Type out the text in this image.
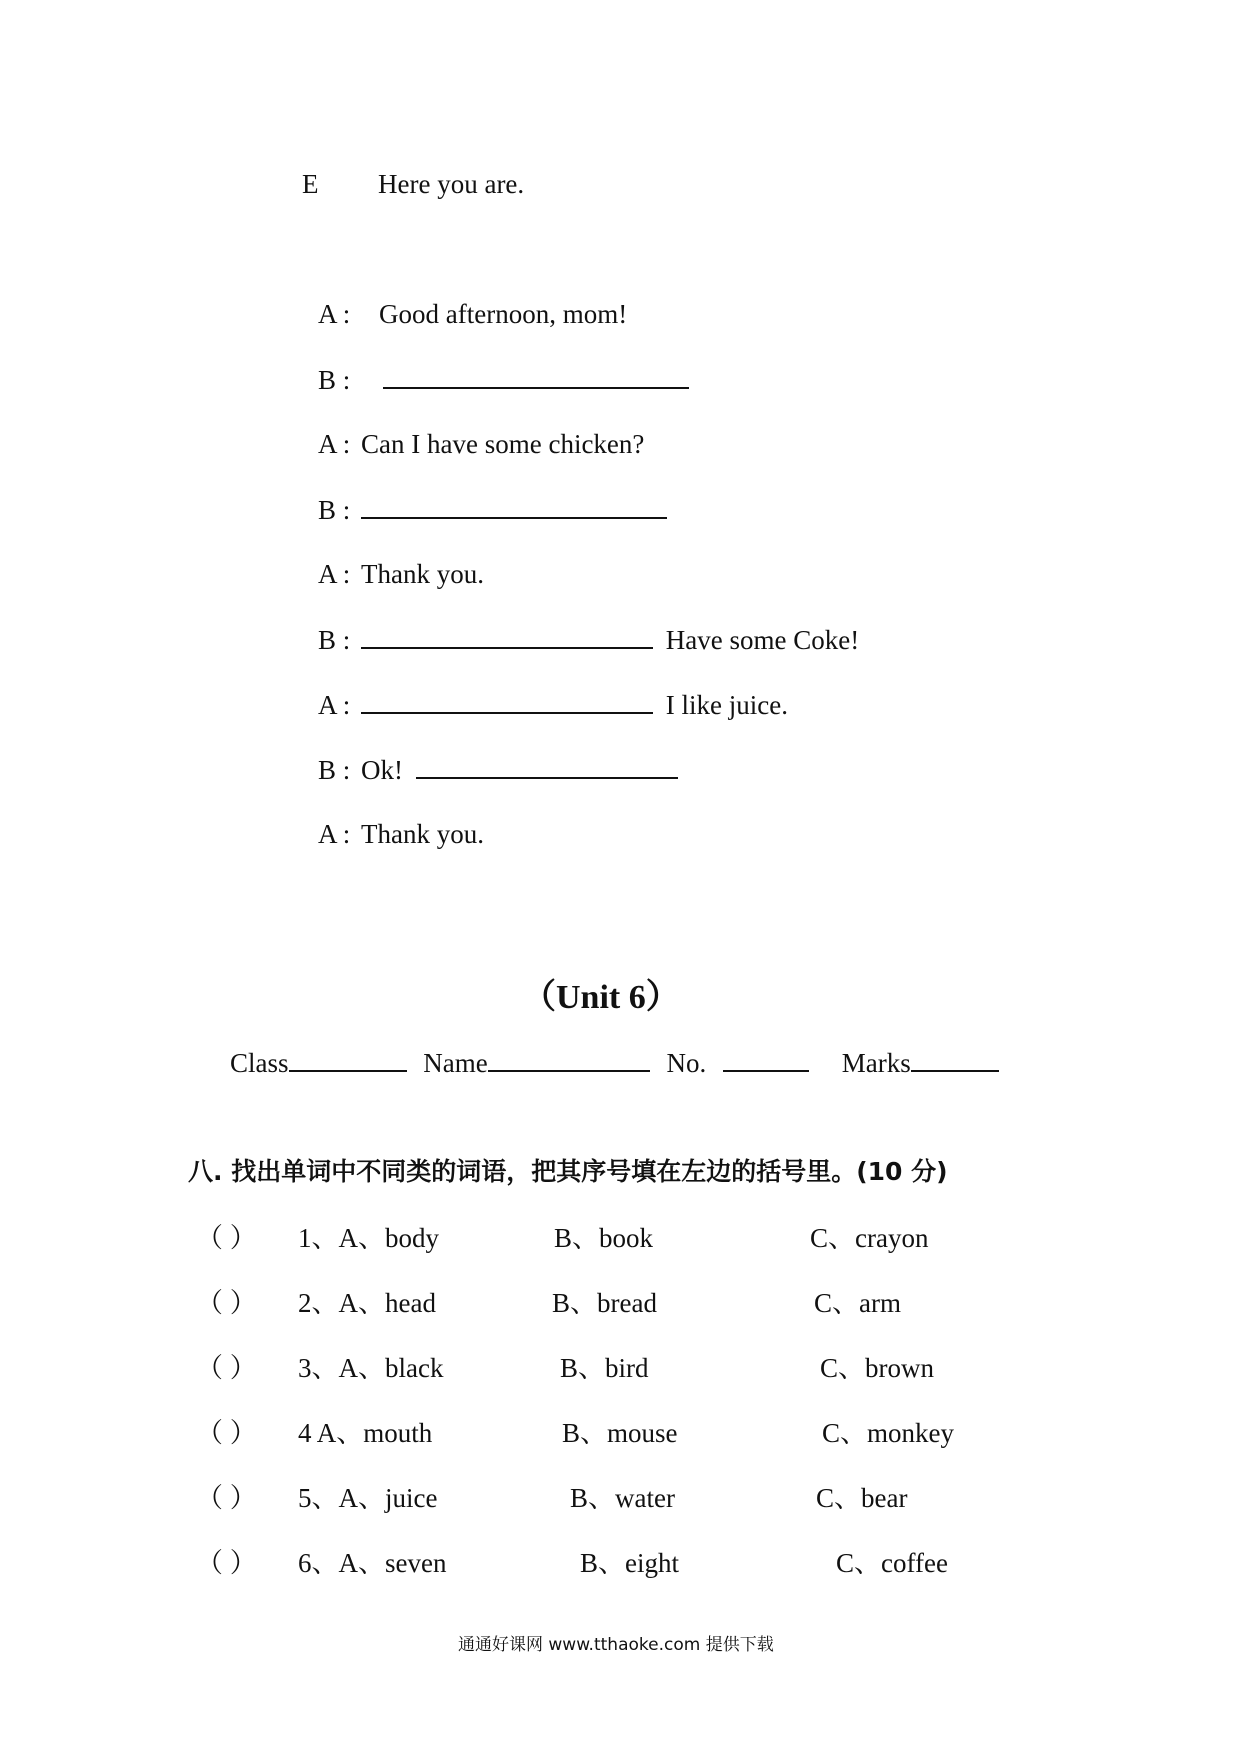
E Here you are.
A : Good afternoon, mom!
B :
A : Can I have some chicken?
B :
A : Thank you.
B :	Have some Coke!
A :	I like juice.
B : Ok!
A : Thank you.
（Unit 6）
Class	Name	No.	Marks
八. 找出单词中不同类的词语，把其序号填在左边的括号里。(10 分)
（ ） 1、A、body	B、book	C、crayon
（ ） 2、A、head	B、bread	C、arm
（ ） 3、A、black	B、bird	C、brown
（ ） 4 A、mouth	B、mouse	C、monkey
（ ） 5、A、juice	B、water	C、bear
（ ） 6、A、seven	B、eight	C、coffee
通通好课网 www.tthaoke.com 提供下载
